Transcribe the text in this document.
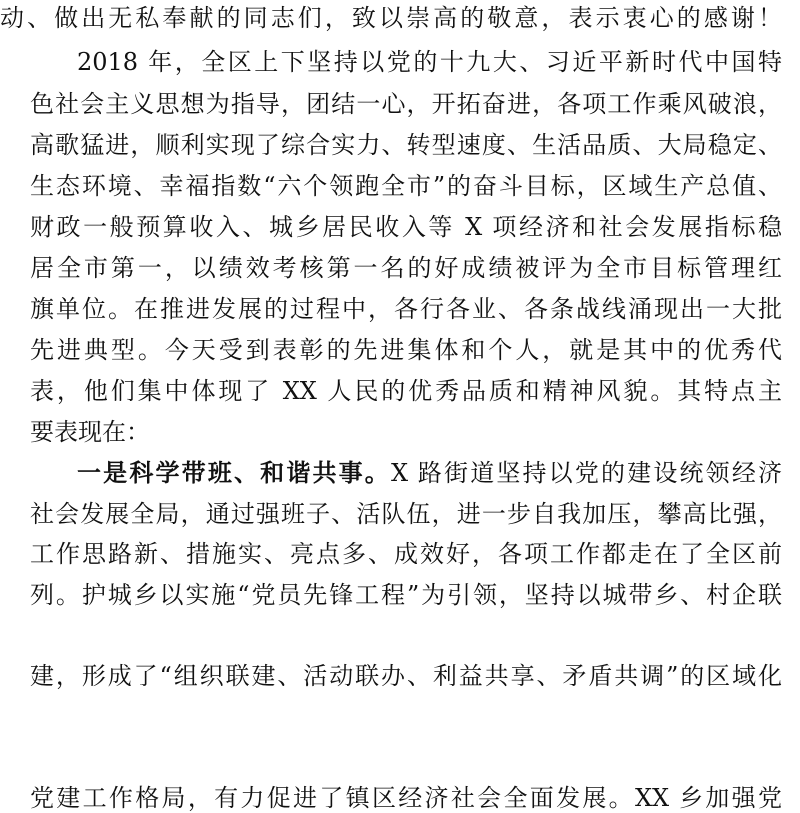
动、做出无私奉献的同志们，致以崇高的敬意，表示衷心的感谢！
2018 年，全区上下坚持以党的十九大、习近平新时代中国特
色社会主义思想为指导，团结一心，开拓奋进，各项工作乘风破浪，
高歌猛进，顺利实现了综合实力、转型速度、生活品质、大局稳定、
生态环境、幸福指数“六个领跑全市”的奋斗目标，区域生产总值、
财政一般预算收入、城乡居民收入等 X 项经济和社会发展指标稳
居全市第一，以绩效考核第一名的好成绩被评为全市目标管理红
旗单位。在推进发展的过程中，各行各业、各条战线涌现出一大批
先进典型。今天受到表彰的先进集体和个人，就是其中的优秀代
表，他们集中体现了 XX 人民的优秀品质和精神风貌。其特点主
要表现在：
一是科学带班、和谐共事。X 路街道坚持以党的建设统领经济
社会发展全局，通过强班子、活队伍，进一步自我加压，攀高比强，
工作思路新、措施实、亮点多、成效好，各项工作都走在了全区前
列。护城乡以实施“党员先锋工程”为引领，坚持以城带乡、村企联
建，形成了“组织联建、活动联办、利益共享、矛盾共调”的区域化
党建工作格局，有力促进了镇区经济社会全面发展。XX 乡加强党
